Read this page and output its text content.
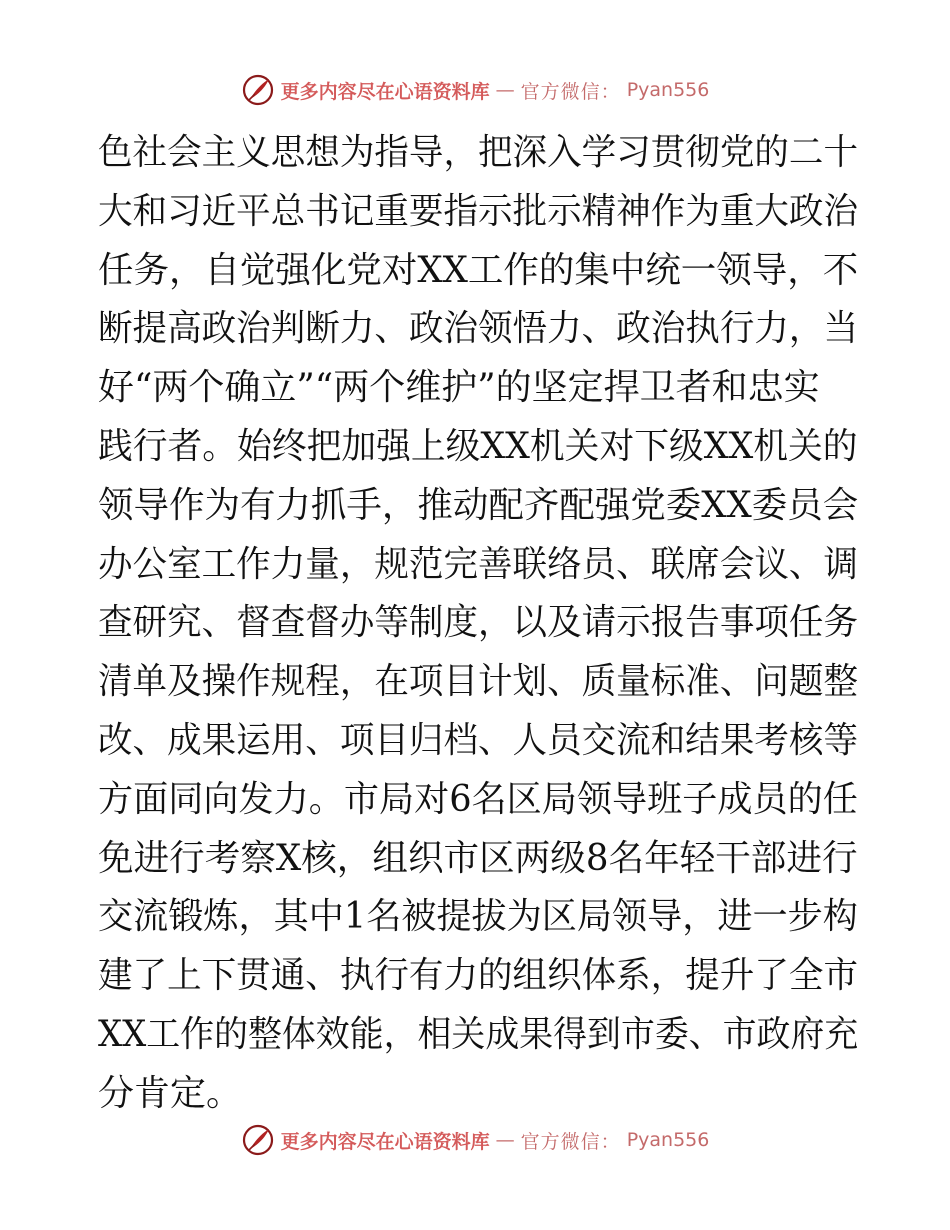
更多内容尽在心语资料库 — 官方微信： Pyan556
色社会主义思想为指导，把深入学习贯彻党的二十
大和习近平总书记重要指示批示精神作为重大政治
任务，自觉强化党对XX工作的集中统一领导，不
断提高政治判断力、政治领悟力、政治执行力，当
好“两个确立”“两个维护”的坚定捍卫者和忠实
践行者。始终把加强上级XX机关对下级XX机关的
领导作为有力抓手，推动配齐配强党委XX委员会
办公室工作力量，规范完善联络员、联席会议、调
查研究、督查督办等制度，以及请示报告事项任务
清单及操作规程，在项目计划、质量标准、问题整
改、成果运用、项目归档、人员交流和结果考核等
方面同向发力。市局对6名区局领导班子成员的任
免进行考察X核，组织市区两级8名年轻干部进行
交流锻炼，其中1名被提拔为区局领导，进一步构
建了上下贯通、执行有力的组织体系，提升了全市
XX工作的整体效能，相关成果得到市委、市政府充
分肯定。
更多内容尽在心语资料库 — 官方微信： Pyan556
